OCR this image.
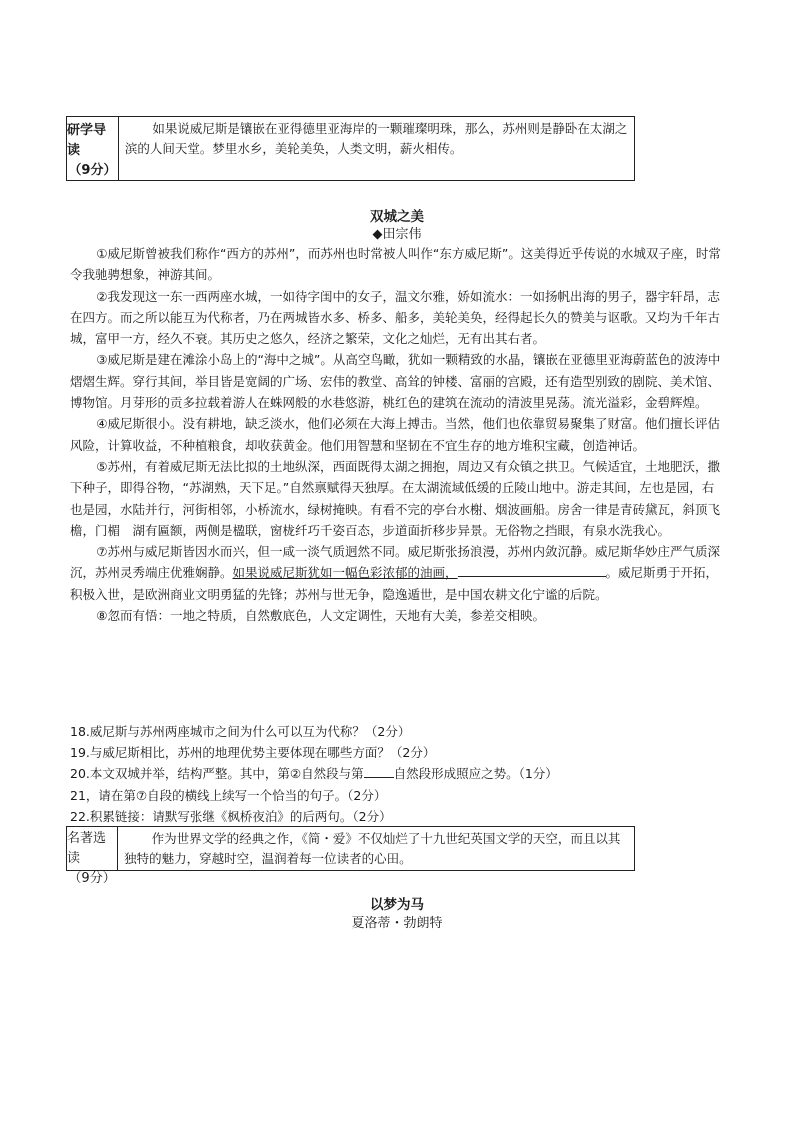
研学导读
（9分）
如果说威尼斯是镶嵌在亚得德里亚海岸的一颗璀璨明珠，那么，苏州则是静卧在太湖之滨的人间天堂。梦里水乡，美轮美奂，人类文明，薪火相传。
双城之美
◆田宗伟

①威尼斯曾被我们称作“西方的苏州”，而苏州也时常被人叫作“东方威尼斯”。这美得近乎传说的水城双子座，时常令我驰骋想象，神游其间。

②我发现这一东一西两座水城，一如待字闺中的女子，温文尔雅，娇如流水：一如扬帆出海的男子，器宇轩昂，志在四方。而之所以能互为代称者，乃在两城皆水多、桥多、船多，美轮美奂，经得起长久的赞美与讴歌。又均为千年古城，富甲一方，经久不衰。其历史之悠久，经济之繁荣，文化之灿烂，无有出其右者。

③威尼斯是建在滩涂小岛上的“海中之城”。从高空鸟瞰，犹如一颗精致的水晶，镶嵌在亚德里亚海蔚蓝色的波涛中熠熠生辉。穿行其间，举目皆是宽阔的广场、宏伟的教堂、高耸的钟楼、富丽的宫殿，还有造型别致的剧院、美术馆、博物馆。月芽形的贡多拉载着游人在蛛网般的水巷悠游，桃红色的建筑在流动的清波里晃荡。流光溢彩，金碧辉煌。

④威尼斯很小。没有耕地，缺乏淡水，他们必须在大海上搏击。当然，他们也依靠贸易聚集了财富。他们擅长评估风险，计算收益，不种植粮食，却收获黄金。他们用智慧和坚韧在不宜生存的地方堆积宝藏，创造神话。

⑤苏州，有着威尼斯无法比拟的土地纵深，西面既得太湖之拥抱，周边又有众镇之拱卫。气候适宜，土地肥沃，撒下种子，即得谷物，“苏湖熟，天下足。”自然禀赋得天独厚。在太湖流域低缓的丘陵山地中。游走其间，左也是园，右也是园，水陆并行，河街相邻，小桥流水，绿树掩映。有看不完的亭台水榭、烟波画船。房舍一律是青砖黛瓦，斜顶飞檐，门楣　湖有匾额，两侧是楹联，窗栊纤巧千姿百态，步道面折移步异景。无俗物之挡眼，有泉水洗我心。

⑦苏州与威尼斯皆因水而兴，但一咸一淡气质迥然不同。威尼斯张扬浪漫，苏州内敛沉静。威尼斯华妙庄严气质深沉，苏州灵秀端庄优雅娴静。如果说威尼斯犹如一幅色彩浓郁的油画，	。威尼斯勇于开拓，积极入世，是欧洲商业文明勇猛的先锋；苏州与世无争，隐逸遁世，是中国农耕文化宁谧的后院。

⑧忽而有悟：一地之特质，自然敷底色，人文定调性，天地有大美，参差交相映。

18.威尼斯与苏州两座城市之间为什么可以互为代称？（2分）
19.与威尼斯相比，苏州的地理优势主要体现在哪些方面？（2分）
20.本文双城并举，结构严整。其中，第②自然段与第 自然段形成照应之势。（1分）
21，请在第⑦自段的横线上续写一个恰当的句子。（2分）
22.积累链接：请默写张继《枫桥夜泊》的后两句。（2分）
名著选读
（9分）
作为世界文学的经典之作，《简・爱》不仅灿烂了十九世纪英国文学的天空，而且以其独特的魅力，穿越时空，温润着每一位读者的心田。
以梦为马
夏洛蒂・勃朗特
